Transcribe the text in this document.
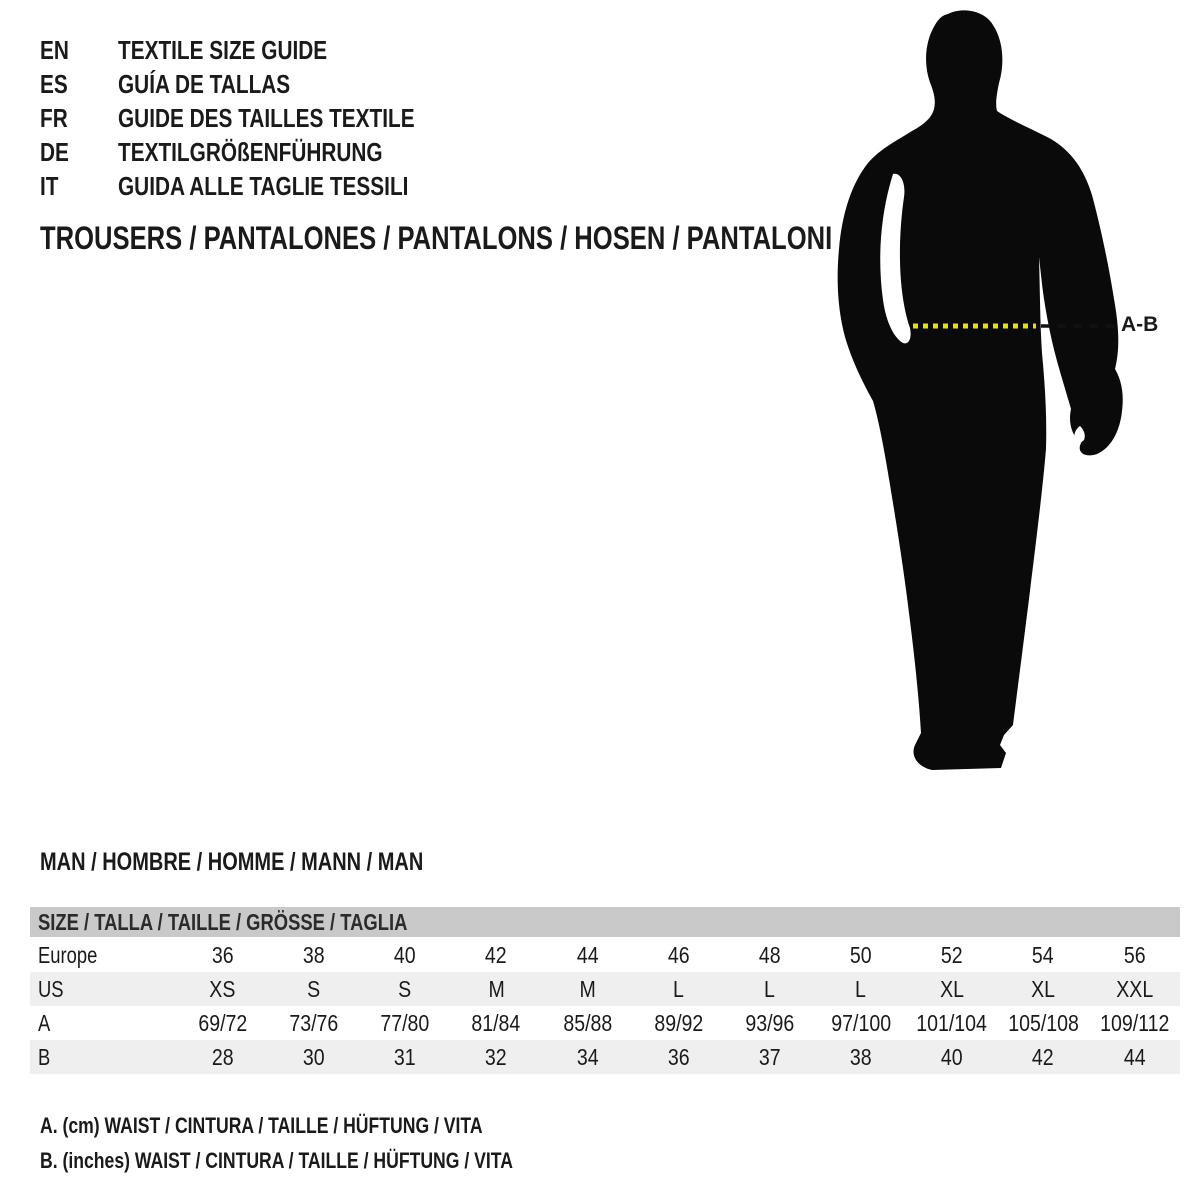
A-B
EN	TEXTILE SIZE GUIDE
ES	GUÍA DE TALLAS
FR	GUIDE DES TAILLES TEXTILE
DE	TEXTILGRÖßENFÜHRUNG
IT	GUIDA ALLE TAGLIE TESSILI
TROUSERS / PANTALONES / PANTALONS / HOSEN / PANTALONI
MAN / HOMBRE / HOMME / MANN / MAN
SIZE / TALLA / TAILLE / GRÖSSE / TAGLIA
Europe	36	38	40	42	44	46	48	50	52	54	56
US	XS	S	S	M	M	L	L	L	XL	XL	XXL
A	69/72	73/76	77/80	81/84	85/88	89/92	93/96	97/100	101/104 105/108 109/112
B	28	30	31	32	34	36	37	38	40	42	44
A. (cm) WAIST / CINTURA / TAILLE / HÜFTUNG / VITA
B. (inches) WAIST / CINTURA / TAILLE / HÜFTUNG / VITA
